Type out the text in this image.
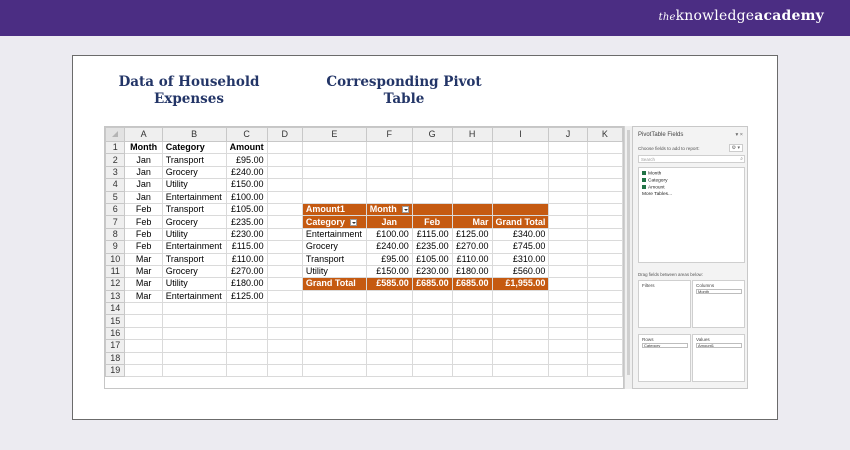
theknowledgeacademy
Data of Household
Expenses
Corresponding Pivot
Table
	A	B	C	D	E	F	G	H	I	J	K
1	Month	Category	Amount								
2	Jan	Transport	£95.00								
3	Jan	Grocery	£240.00								
4	Jan	Utility	£150.00								
5	Jan	Entertainment	£100.00								
6	Feb	Transport	£105.00		Amount1	Month					
7	Feb	Grocery	£235.00		Category	Jan	Feb	Mar	Grand Total		
8	Feb	Utility	£230.00		Entertainment	£100.00	£115.00	£125.00	£340.00		
9	Feb	Entertainment	£115.00		Grocery	£240.00	£235.00	£270.00	£745.00		
10	Mar	Transport	£110.00		Transport	£95.00	£105.00	£110.00	£310.00		
11	Mar	Grocery	£270.00		Utility	£150.00	£230.00	£180.00	£560.00		
12	Mar	Utility	£180.00		Grand Total	£585.00	£685.00	£685.00	£1,955.00		
13	Mar	Entertainment	£125.00								
14											
15											
16											
17											
18											
19											
PivotTable Fields	▾ ×
Choose fields to add to report:	⚙ ▾
Search	⌕
Month
Category
Amount
More Tables...
Drag fields between areas below:
Filters	Columns
Month
Rows
Category
Values
Amount1
